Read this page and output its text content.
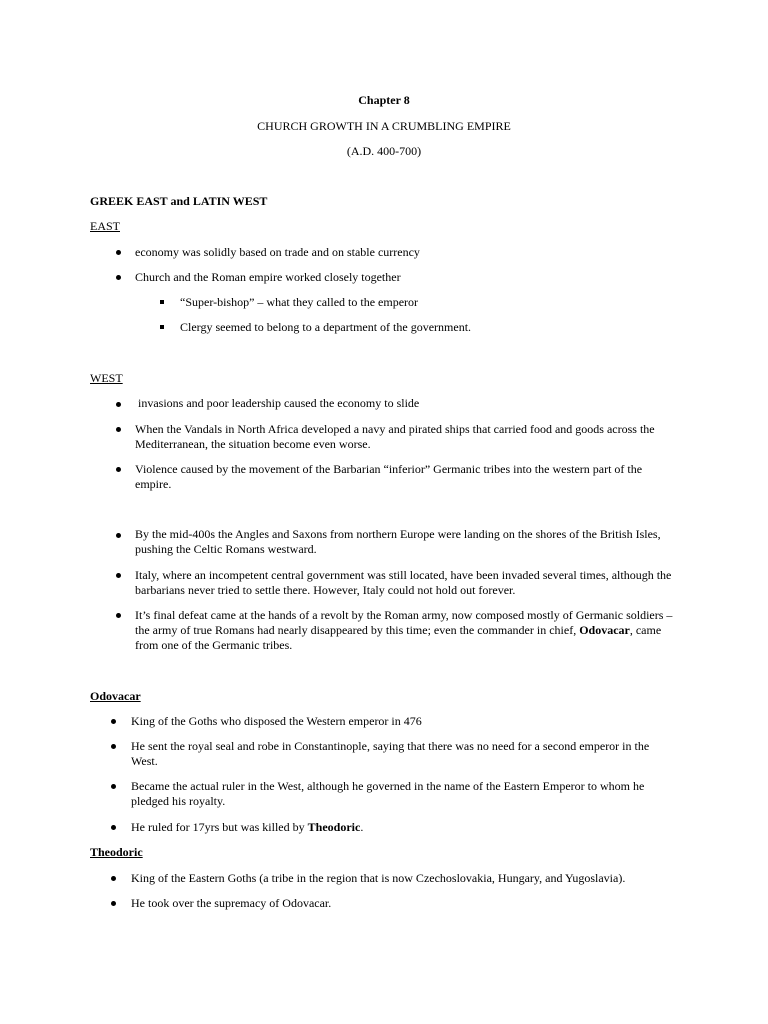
Chapter 8
CHURCH GROWTH IN A CRUMBLING EMPIRE
(A.D. 400-700)
GREEK EAST and LATIN WEST
EAST
economy was solidly based on trade and on stable currency
Church and the Roman empire worked closely together
“Super-bishop” – what they called to the emperor
Clergy seemed to belong to a department of the government.
WEST
invasions and poor leadership caused the economy to slide
When the Vandals in North Africa developed a navy and pirated ships that carried food and goods across the Mediterranean, the situation become even worse.
Violence caused by the movement of the Barbarian “inferior” Germanic tribes into the western part of the empire.
By the mid-400s the Angles and Saxons from northern Europe were landing on the shores of the British Isles, pushing the Celtic Romans westward.
Italy, where an incompetent central government was still located, have been invaded several times, although the barbarians never tried to settle there. However, Italy could not hold out forever.
It’s final defeat came at the hands of a revolt by the Roman army, now composed mostly of Germanic soldiers – the army of true Romans had nearly disappeared by this time; even the commander in chief, Odovacar, came from one of the Germanic tribes.
Odovacar
King of the Goths who disposed the Western emperor in 476
He sent the royal seal and robe in Constantinople, saying that there was no need for a second emperor in the West.
Became the actual ruler in the West, although he governed in the name of the Eastern Emperor to whom he pledged his royalty.
He ruled for 17yrs but was killed by Theodoric.
Theodoric
King of the Eastern Goths (a tribe in the region that is now Czechoslovakia, Hungary, and Yugoslavia).
He took over the supremacy of Odovacar.
